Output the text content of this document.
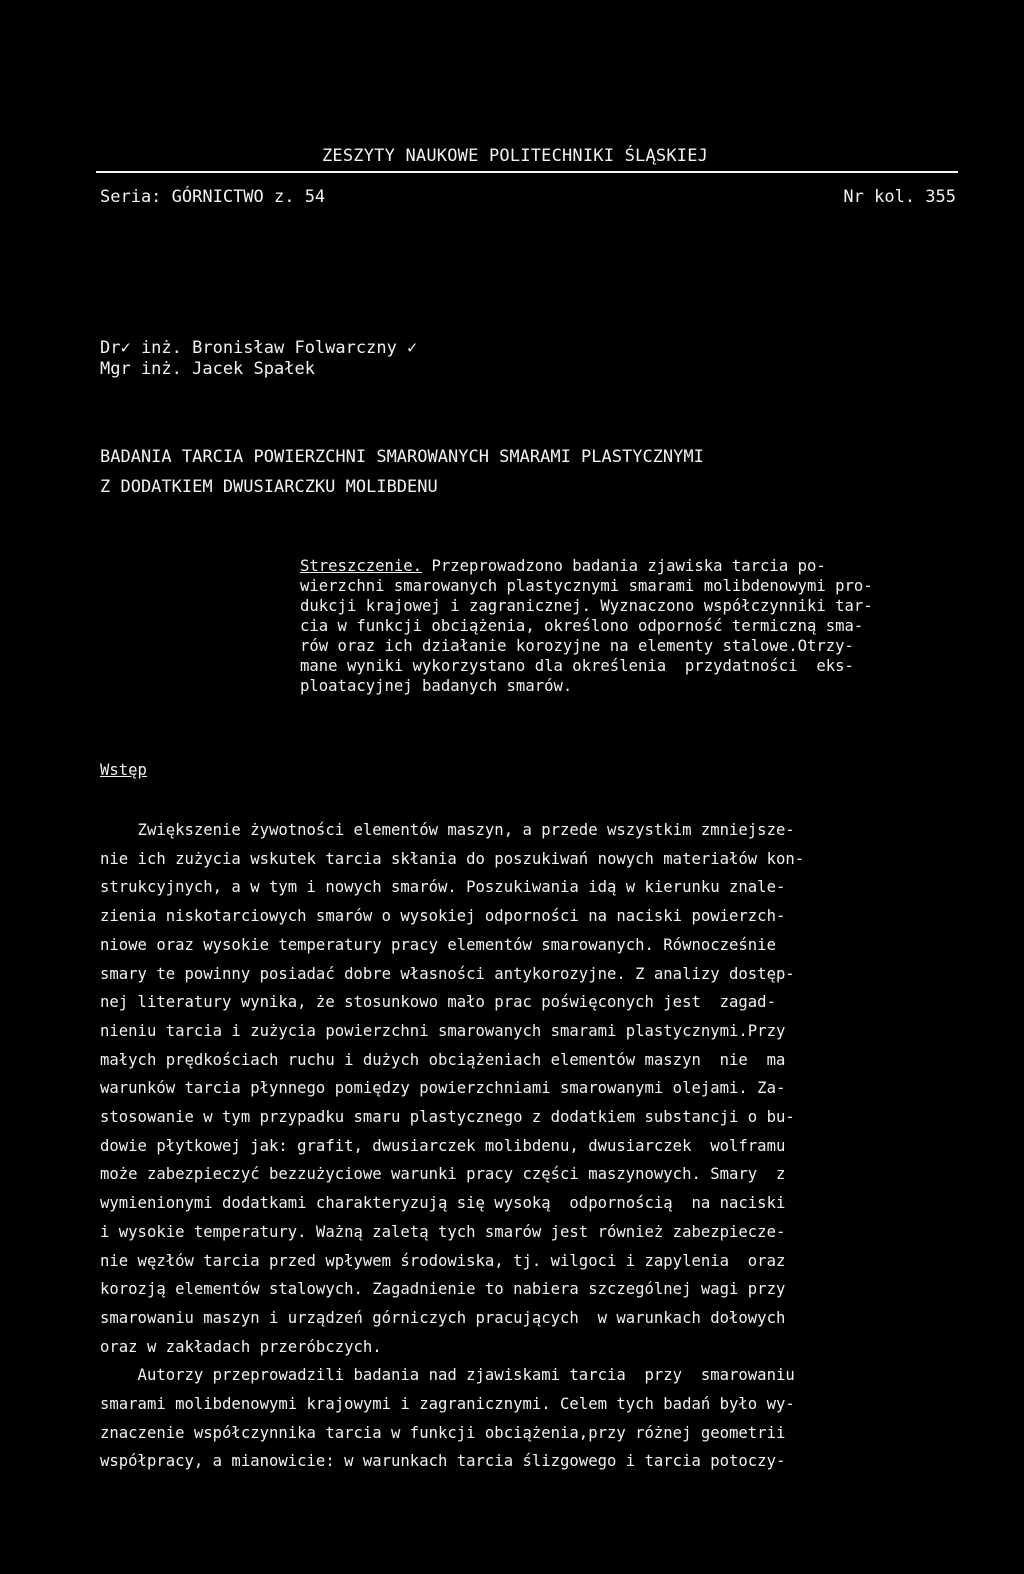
ZESZYTY NAUKOWE POLITECHNIKI ŚLĄSKIEJ
Seria: GÓRNICTWO z. 54	Nr kol. 355
Dr✓ inż. Bronisław Folwarczny ✓
Mgr inż. Jacek Spałek
BADANIA TARCIA POWIERZCHNI SMAROWANYCH SMARAMI PLASTYCZNYMI
Z DODATKIEM DWUSIARCZKU MOLIBDENU
Streszczenie. Przeprowadzono badania zjawiska tarcia po-
wierzchni smarowanych plastycznymi smarami molibdenowymi pro-
dukcji krajowej i zagranicznej. Wyznaczono współczynniki tar-
cia w funkcji obciążenia, określono odporność termiczną sma-
rów oraz ich działanie korozyjne na elementy stalowe.Otrzy-
mane wyniki wykorzystano dla określenia  przydatności  eks-
ploatacyjnej badanych smarów.
Wstęp
Zwiększenie żywotności elementów maszyn, a przede wszystkim zmniejsze-
nie ich zużycia wskutek tarcia skłania do poszukiwań nowych materiałów kon-
strukcyjnych, a w tym i nowych smarów. Poszukiwania idą w kierunku znale-
zienia niskotarciowych smarów o wysokiej odporności na naciski powierzch-
niowe oraz wysokie temperatury pracy elementów smarowanych. Równocześnie
smary te powinny posiadać dobre własności antykorozyjne. Z analizy dostęp-
nej literatury wynika, że stosunkowo mało prac poświęconych jest  zagad-
nieniu tarcia i zużycia powierzchni smarowanych smarami plastycznymi.Przy
małych prędkościach ruchu i dużych obciążeniach elementów maszyn  nie  ma
warunków tarcia płynnego pomiędzy powierzchniami smarowanymi olejami. Za-
stosowanie w tym przypadku smaru plastycznego z dodatkiem substancji o bu-
dowie płytkowej jak: grafit, dwusiarczek molibdenu, dwusiarczek  wolframu
może zabezpieczyć bezzużyciowe warunki pracy części maszynowych. Smary  z
wymienionymi dodatkami charakteryzują się wysoką  odpornością  na naciski
i wysokie temperatury. Ważną zaletą tych smarów jest również zabezpiecze-
nie węzłów tarcia przed wpływem środowiska, tj. wilgoci i zapylenia  oraz
korozją elementów stalowych. Zagadnienie to nabiera szczególnej wagi przy
smarowaniu maszyn i urządzeń górniczych pracujących  w warunkach dołowych
oraz w zakładach przeróbczych.
Autorzy przeprowadzili badania nad zjawiskami tarcia  przy  smarowaniu
smarami molibdenowymi krajowymi i zagranicznymi. Celem tych badań było wy-
znaczenie współczynnika tarcia w funkcji obciążenia,przy różnej geometrii
współpracy, a mianowicie: w warunkach tarcia ślizgowego i tarcia potoczy-
